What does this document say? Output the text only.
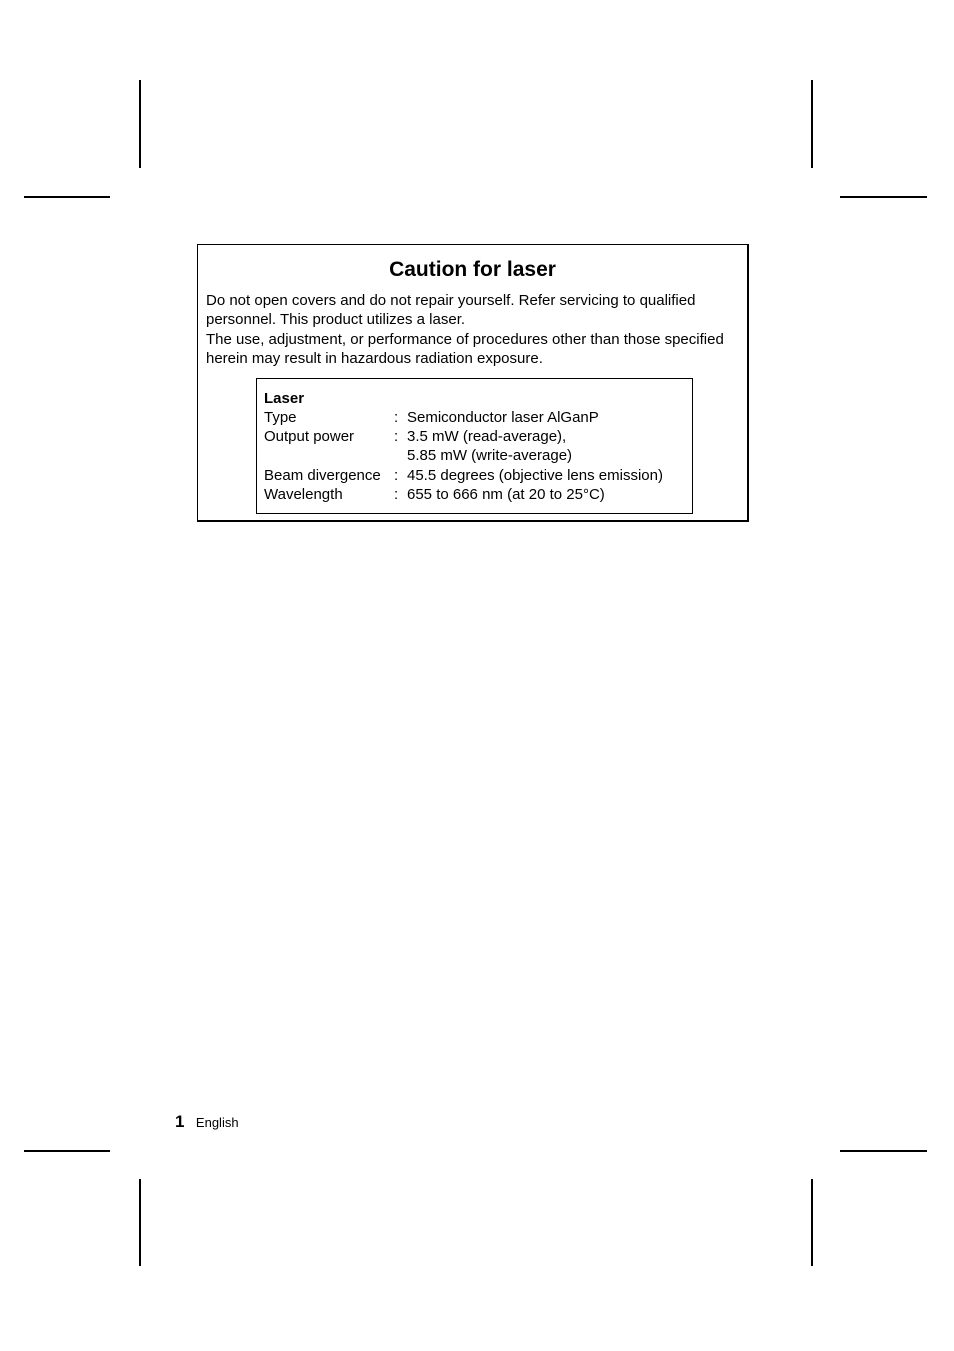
Caution for laser

Do not open covers and do not repair yourself. Refer servicing to qualified personnel. This product utilizes a laser.

The use, adjustment, or performance of procedures other than those specified herein may result in hazardous radiation exposure.

Laser
Type	: Semiconductor laser AlGanP
Output power	: 3.5 mW (read-average),
5.85 mW (write-average)
Beam divergence : 45.5 degrees (objective lens emission)
Wavelength	: 655 to 666 nm (at 20 to 25°C)
1 English
